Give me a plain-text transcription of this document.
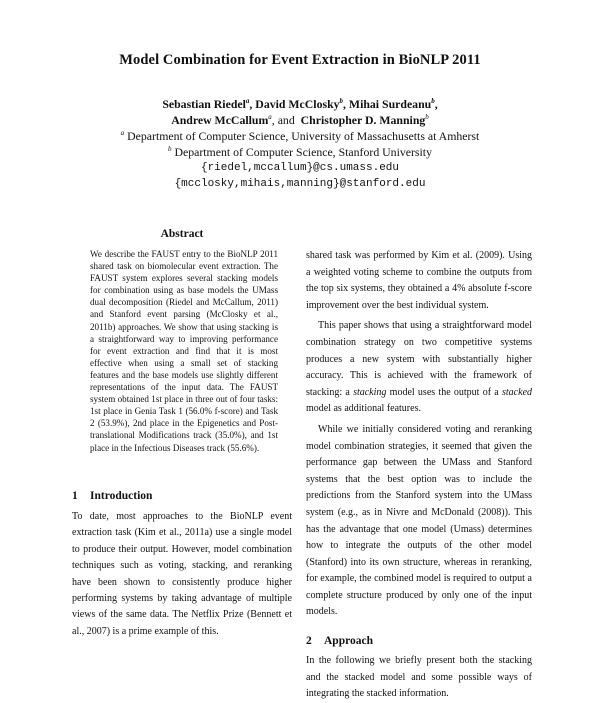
Model Combination for Event Extraction in BioNLP 2011
Sebastian Riedel$^a$, David McClosky$^b$, Mihai Surdeanu$^b$,
Andrew McCallum$^a$, and  Christopher D. Manning$^b$
$^a$ Department of Computer Science, University of Massachusetts at Amherst
$^b$ Department of Computer Science, Stanford University
{riedel,mccallum}@cs.umass.edu
{mcclosky,mihais,manning}@stanford.edu
Abstract

We describe the FAUST entry to the BioNLP 2011 shared task on biomolecular event extraction. The FAUST system explores several stacking models for combination using as base models the UMass dual decomposition (Riedel and McCallum, 2011) and Stanford event parsing (McClosky et al., 2011b) approaches. We show that using stacking is a straightforward way to improving performance for event extraction and find that it is most effective when using a small set of stacking features and the base models use slightly different representations of the input data. The FAUST system obtained 1st place in three out of four tasks: 1st place in Genia Task 1 (56.0% f-score) and Task 2 (53.9%), 2nd place in the Epigenetics and Post-translational Modifications track (35.0%), and 1st place in the Infectious Diseases track (55.6%).

1 Introduction

To date, most approaches to the BioNLP event extraction task (Kim et al., 2011a) use a single model to produce their output. However, model combination techniques such as voting, stacking, and reranking have been shown to consistently produce higher performing systems by taking advantage of multiple views of the same data. The Netflix Prize (Bennett et al., 2007) is a prime example of this.

shared task was performed by Kim et al. (2009). Using a weighted voting scheme to combine the outputs from the top six systems, they obtained a 4% absolute f-score improvement over the best individual system.

This paper shows that using a straightforward model combination strategy on two competitive systems produces a new system with substantially higher accuracy. This is achieved with the framework of stacking: a stacking model uses the output of a stacked model as additional features.

While we initially considered voting and reranking model combination strategies, it seemed that given the performance gap between the UMass and Stanford systems that the best option was to include the predictions from the Stanford system into the UMass system (e.g., as in Nivre and McDonald (2008)). This has the advantage that one model (Umass) determines how to integrate the outputs of the other model (Stanford) into its own structure, whereas in reranking, for example, the combined model is required to output a complete structure produced by only one of the input models.

2 Approach

In the following we briefly present both the stacking and the stacked model and some possible ways of integrating the stacked information.
